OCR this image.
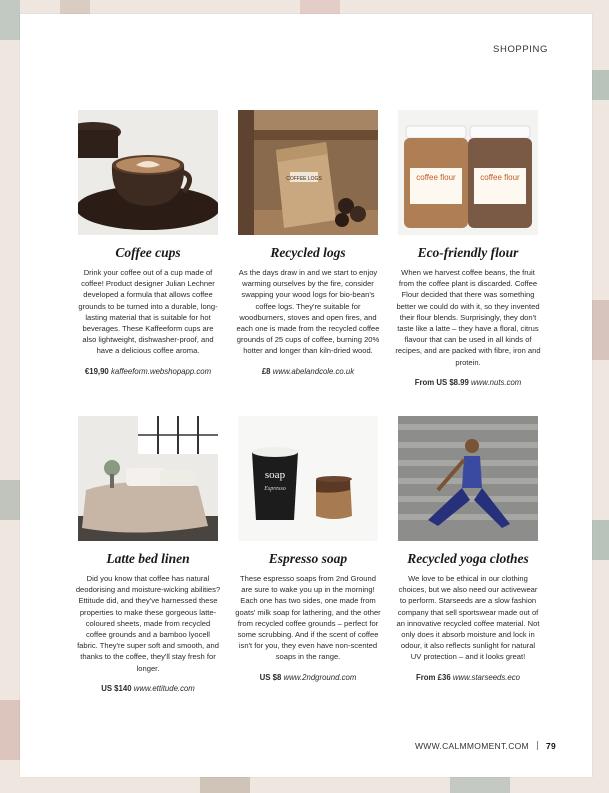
SHOPPING
Coffee cups

Drink your coffee out of a cup made of coffee! Product designer Julian Lechner developed a formula that allows coffee grounds to be turned into a durable, long-lasting material that is suitable for hot beverages. These Kaffeeform cups are also lightweight, dishwasher-proof, and have a delicious coffee aroma.

€19,90 kaffeeform.webshopapp.com
COFFEE LOGS
Recycled logs

As the days draw in and we start to enjoy warming ourselves by the fire, consider swapping your wood logs for bio-bean's coffee logs. They're suitable for woodburners, stoves and open fires, and each one is made from the recycled coffee grounds of 25 cups of coffee, burning 20% hotter and longer than kiln-dried wood.

£8 www.abelandcole.co.uk
coffee flour	coffee flour
Eco-friendly flour

When we harvest coffee beans, the fruit from the coffee plant is discarded. Coffee Flour decided that there was something better we could do with it, so they invented their flour blends. Surprisingly, they don't taste like a latte – they have a floral, citrus flavour that can be used in all kinds of recipes, and are packed with fibre, iron and protein.

From US $8.99 www.nuts.com
Latte bed linen

Did you know that coffee has natural deodorising and moisture-wicking abilities? Ettitude did, and they've harnessed these properties to make these gorgeous latte-coloured sheets, made from recycled coffee grounds and a bamboo lyocell fabric. They're super soft and smooth, and thanks to the coffee, they'll stay fresh for longer.

US $140 www.ettitude.com
soap
Espresso
Espresso soap

These espresso soaps from 2nd Ground are sure to wake you up in the morning! Each one has two sides, one made from goats' milk soap for lathering, and the other from recycled coffee grounds – perfect for some scrubbing. And if the scent of coffee isn't for you, they even have non-scented soaps in the range.

US $8 www.2ndground.com
Recycled yoga clothes

We love to be ethical in our clothing choices, but we also need our activewear to perform. Starseeds are a slow fashion company that sell sportswear made out of an innovative recycled coffee material. Not only does it absorb moisture and lock in odour, it also reflects sunlight for natural UV protection – and it looks great!

From £36 www.starseeds.eco
WWW.CALMMOMENT.COM 79
